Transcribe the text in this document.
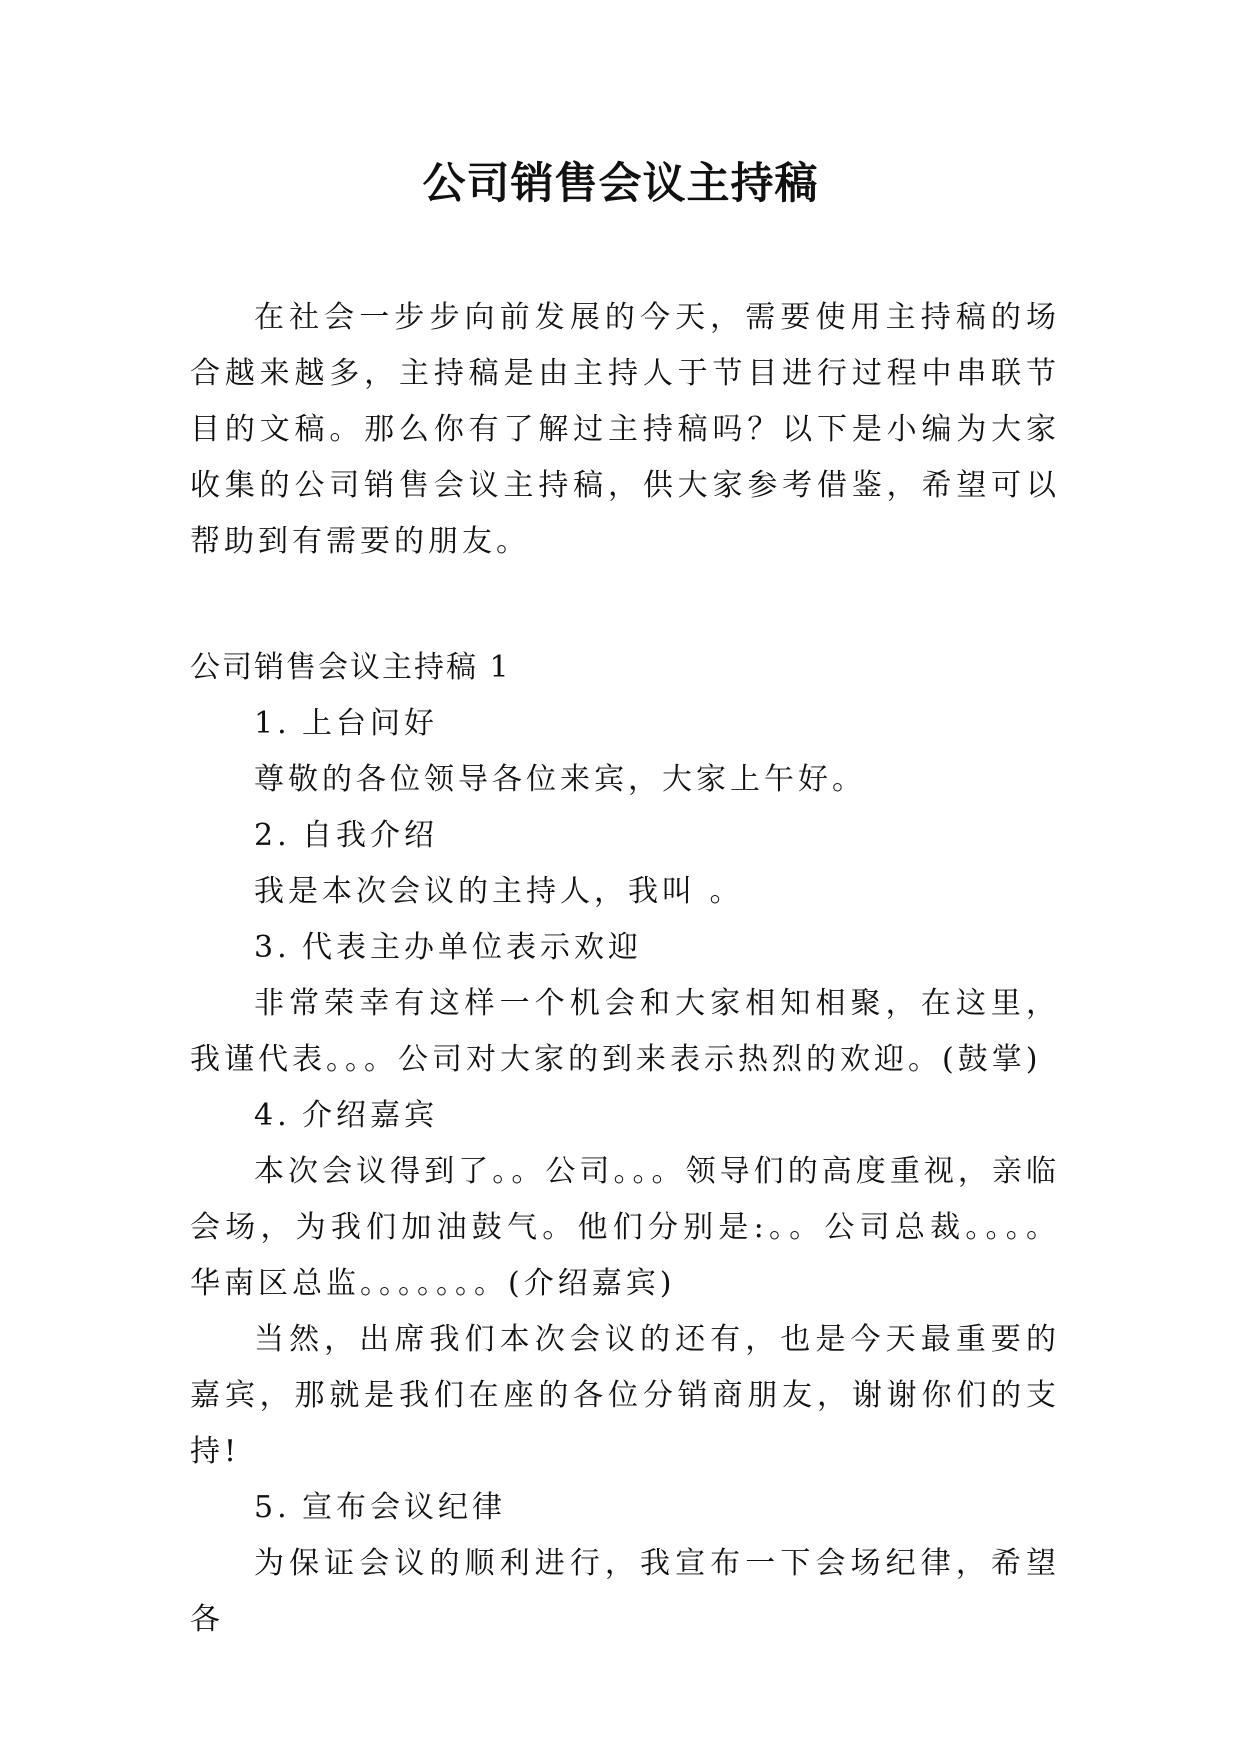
公司销售会议主持稿

在社会一步步向前发展的今天，需要使用主持稿的场合越来越多，主持稿是由主持人于节目进行过程中串联节目的文稿。那么你有了解过主持稿吗？以下是小编为大家收集的公司销售会议主持稿，供大家参考借鉴，希望可以帮助到有需要的朋友。

公司销售会议主持稿 1

1. 上台问好

尊敬的各位领导各位来宾，大家上午好。

2. 自我介绍

我是本次会议的主持人，我叫 。

3. 代表主办单位表示欢迎

非常荣幸有这样一个机会和大家相知相聚，在这里，我谨代表。。。公司对大家的到来表示热烈的欢迎。(鼓掌)

4. 介绍嘉宾

本次会议得到了。。公司。。。领导们的高度重视，亲临会场，为我们加油鼓气。他们分别是:。。公司总裁。。。。华南区总监。。。。。。。(介绍嘉宾)

当然，出席我们本次会议的还有，也是今天最重要的嘉宾，那就是我们在座的各位分销商朋友，谢谢你们的支持!

5. 宣布会议纪律

为保证会议的顺利进行，我宣布一下会场纪律，希望各
